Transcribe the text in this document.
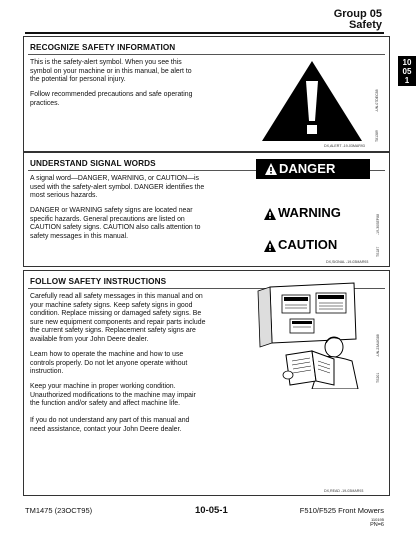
Group 05
Safety
10
05
1
RECOGNIZE SAFETY INFORMATION
This is the safety-alert symbol. When you see this
symbol on your machine or in this manual, be alert to
the potential for personal injury.
Follow recommended precautions and safe operating
practices.
DX,ALERT -19-03MAR93
T81389
-UN-07DEC88
UNDERSTAND SIGNAL WORDS
A signal word—DANGER, WARNING, or CAUTION—is
used with the safety-alert symbol. DANGER identifies the
most serious hazards.
DANGER or WARNING safety signs are located near
specific hazards. General precautions are listed on
CAUTION safety signs. CAUTION also calls attention to
safety messages in this manual.
DANGER
WARNING
CAUTION
DX,SIGNAL -19-03MAR93
TS187
-19-30SEP88
FOLLOW SAFETY INSTRUCTIONS
Carefully read all safety messages in this manual and on
your machine safety signs. Keep safety signs in good
condition. Replace missing or damaged safety signs. Be
sure new equipment components and repair parts include
the current safety signs. Replacement safety signs are
available from your John Deere dealer.
Learn how to operate the machine and how to use
controls properly. Do not let anyone operate without
instruction.
Keep your machine in proper working condition.
Unauthorized modifications to the machine may impair
the function and/or safety and affect machine life.
If you do not understand any part of this manual and
need assistance, contact your John Deere dealer.
DX,READ -19-03MAR93
TS201
-UN-23AUG88
TM1475 (23OCT95)	10-05-1	F510/F525 Front Mowers
110195
PN=6
